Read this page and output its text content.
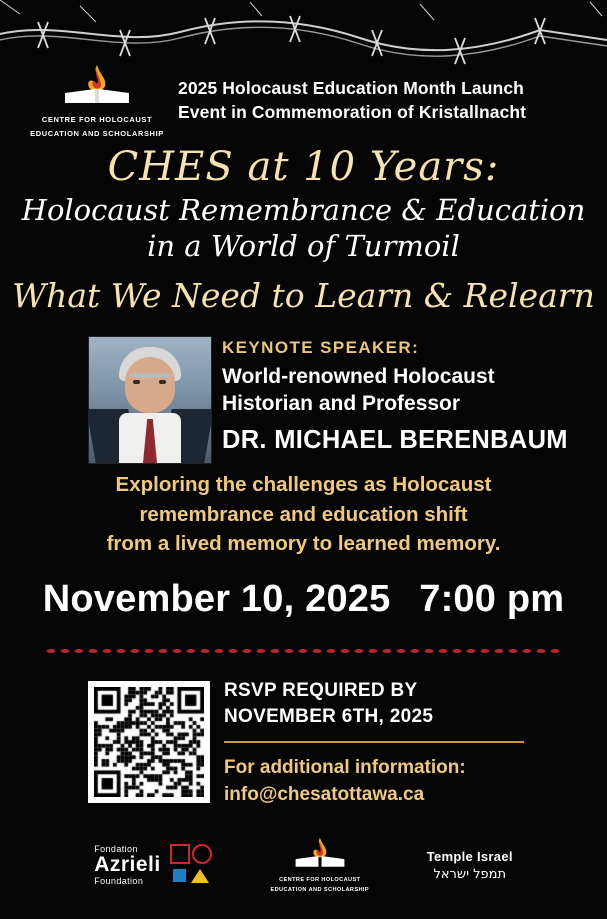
CENTRE FOR HOLOCAUST
EDUCATION AND SCHOLARSHIP
2025 Holocaust Education Month Launch
Event in Commemoration of Kristallnacht
CHES at 10 Years:
Holocaust Remembrance & Education
in a World of Turmoil
What We Need to Learn & Relearn
KEYNOTE SPEAKER:
World-renowned Holocaust
Historian and Professor
DR. MICHAEL BERENBAUM
Exploring the challenges as Holocaust
remembrance and education shift
from a lived memory to learned memory.
November 10, 2025 7:00 pm
RSVP REQUIRED BY
NOVEMBER 6TH, 2025
For additional information:
info@chesatottawa.ca
Fondation
Azrieli
Foundation	CENTRE FOR HOLOCAUST
EDUCATION AND SCHOLARSHIP
Temple Israel
תמפל ישראל
